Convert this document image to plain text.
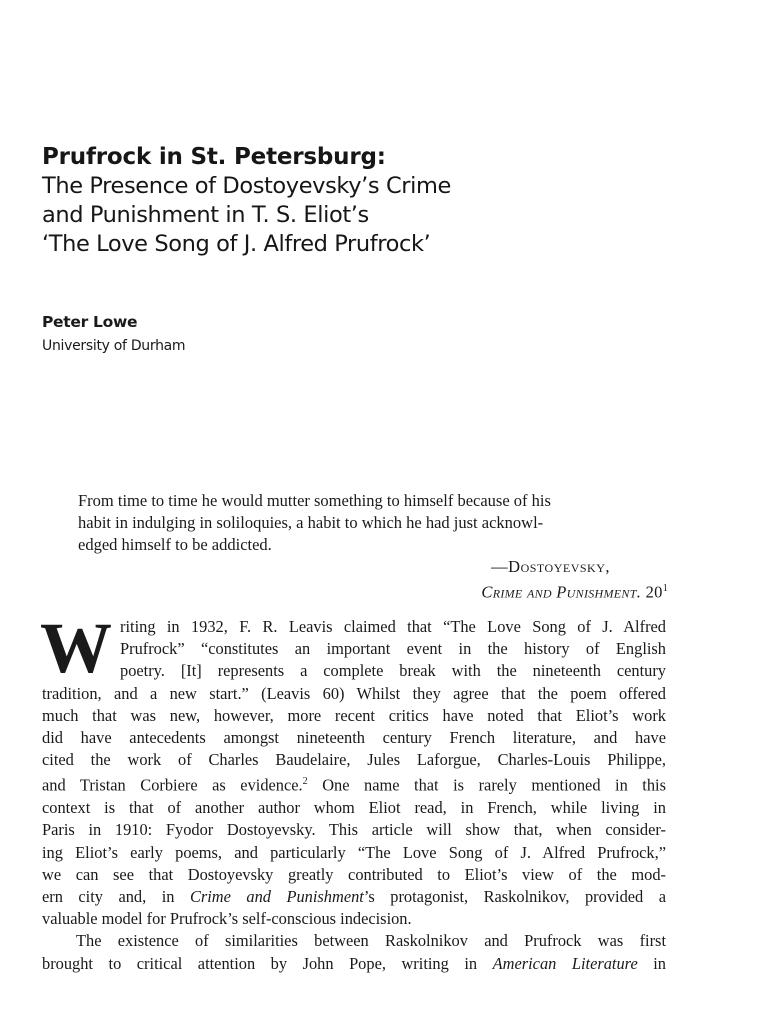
Prufrock in St. Petersburg:
The Presence of Dostoyevsky’s Crime
and Punishment in T. S. Eliot’s
‘The Love Song of J. Alfred Prufrock’
Peter Lowe
University of Durham
From time to time he would mutter something to himself because of his
habit in indulging in soliloquies, a habit to which he had just acknowl-
edged himself to be addicted.
—Dostoyevsky,
Crime and Punishment. $20^1$
W riting in 1932, F. R. Leavis claimed that “The Love Song of J. Alfred
Prufrock” “constitutes an important event in the history of English
poetry. [It] represents a complete break with the nineteenth century
tradition, and a new start.” (Leavis 60) Whilst they agree that the poem offered
much that was new, however, more recent critics have noted that Eliot’s work
did have antecedents amongst nineteenth century French literature, and have
cited the work of Charles Baudelaire, Jules Laforgue, Charles-Louis Philippe,
and Tristan Corbiere as evidence.$^2$ One name that is rarely mentioned in this
context is that of another author whom Eliot read, in French, while living in
Paris in 1910: Fyodor Dostoyevsky. This article will show that, when consider-
ing Eliot’s early poems, and particularly “The Love Song of J. Alfred Prufrock,”
we can see that Dostoyevsky greatly contributed to Eliot’s view of the mod-
ern city and, in Crime and Punishment’s protagonist, Raskolnikov, provided a
valuable model for Prufrock’s self-conscious indecision.
The existence of similarities between Raskolnikov and Prufrock was first
brought to critical attention by John Pope, writing in American Literature in
